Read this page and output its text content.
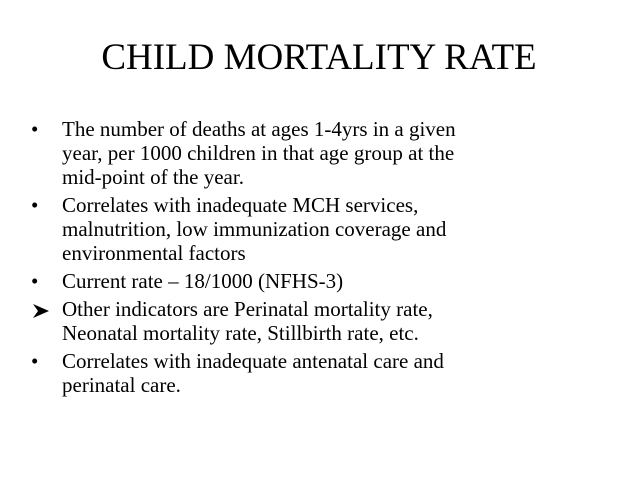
CHILD MORTALITY RATE
The number of deaths at ages 1-4yrs in a given
year, per 1000 children in that age group at the
mid-point of the year.
Correlates with inadequate MCH services,
malnutrition, low immunization coverage and
environmental factors
Current rate – 18/1000 (NFHS-3)
Other indicators are Perinatal mortality rate,
Neonatal mortality rate, Stillbirth rate, etc.
Correlates with inadequate antenatal care and
perinatal care.
